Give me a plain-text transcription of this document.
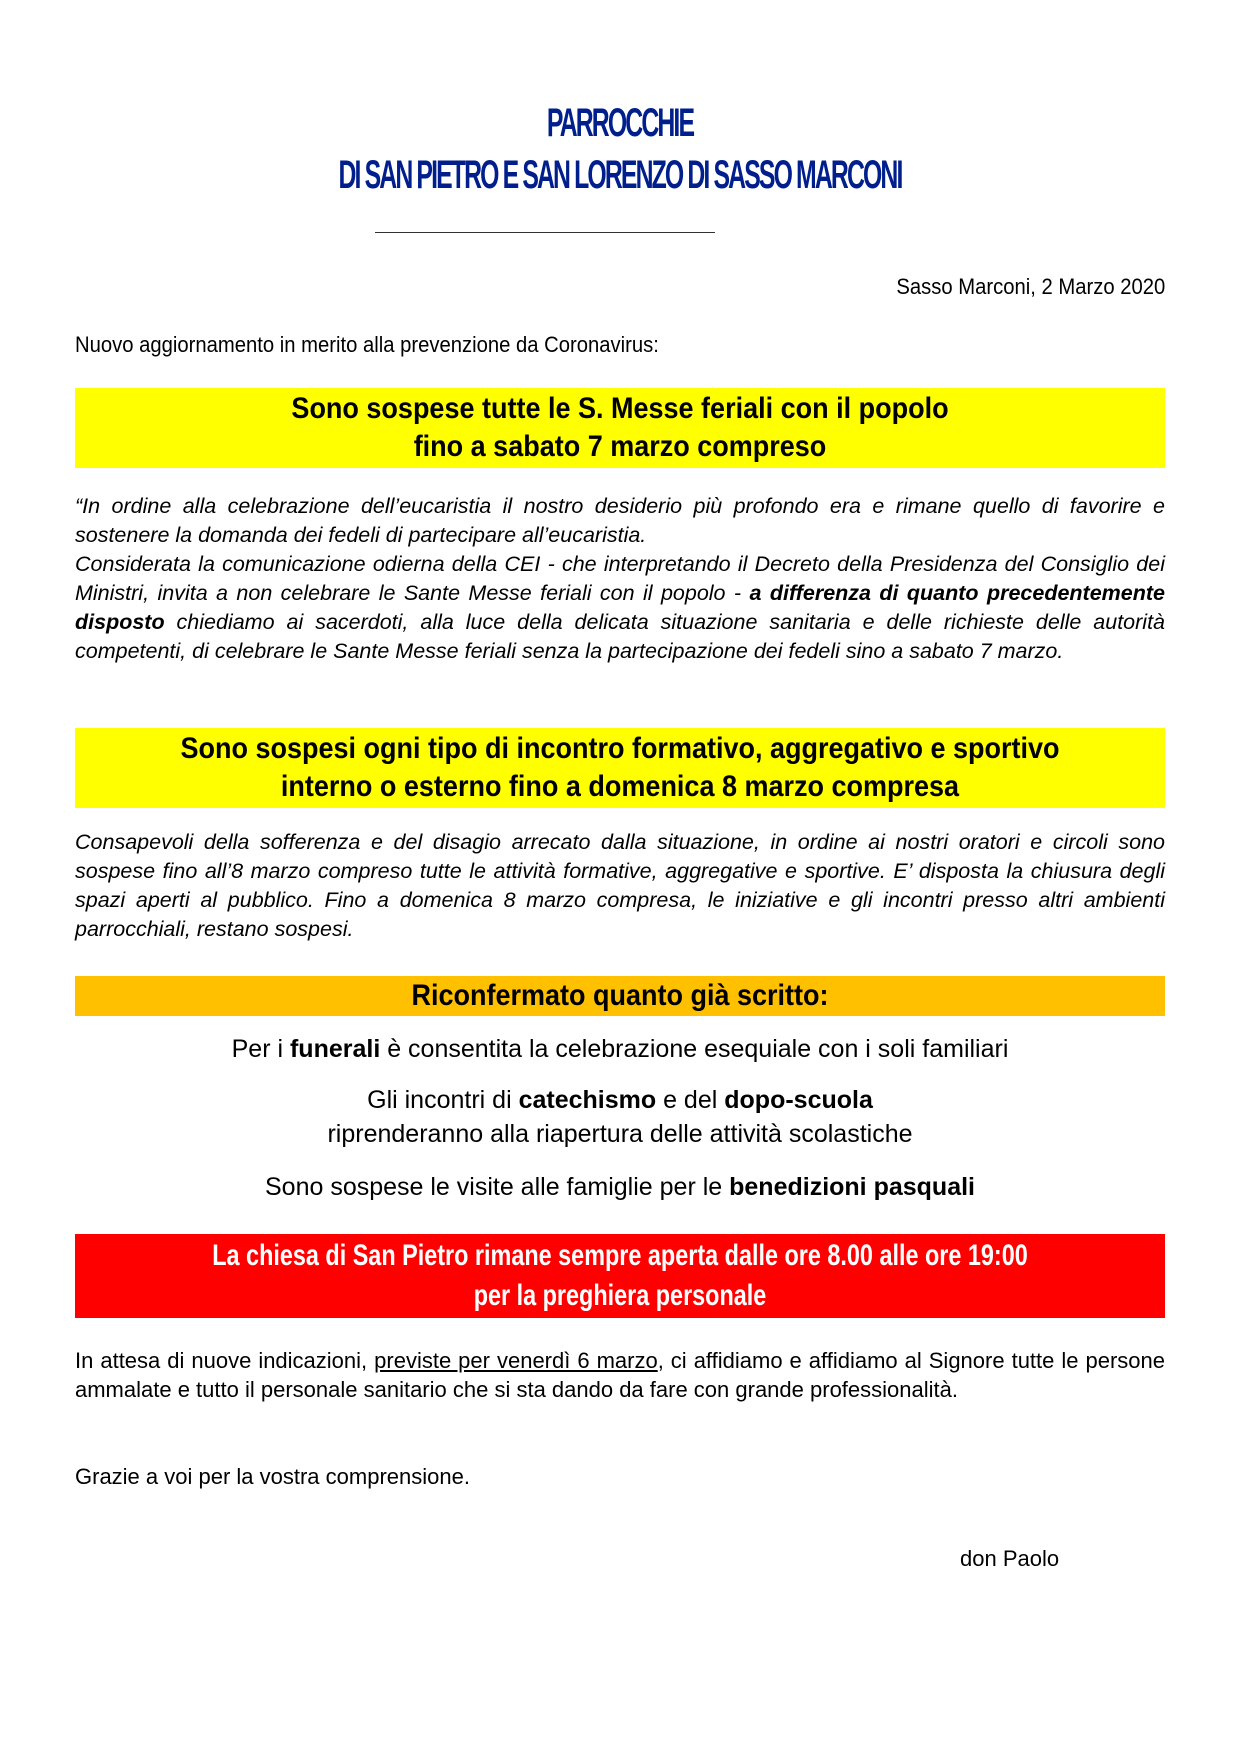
PARROCCHIE
DI SAN PIETRO E SAN LORENZO DI SASSO MARCONI
Sasso Marconi, 2 Marzo 2020
Nuovo aggiornamento in merito alla prevenzione da Coronavirus:
Sono sospese tutte le S. Messe feriali con il popolo
fino a sabato 7 marzo compreso
“In ordine alla celebrazione dell’eucaristia il nostro desiderio più profondo era e rimane quello di favorire e sostenere la domanda dei fedeli di partecipare all’eucaristia.
Considerata la comunicazione odierna della CEI - che interpretando il Decreto della Presidenza del Consiglio dei Ministri, invita a non celebrare le Sante Messe feriali con il popolo - a differenza di quanto precedentemente disposto chiediamo ai sacerdoti, alla luce della delicata situazione sanitaria e delle richieste delle autorità competenti, di celebrare le Sante Messe feriali senza la partecipazione dei fedeli sino a sabato 7 marzo.
Sono sospesi ogni tipo di incontro formativo, aggregativo e sportivo
interno o esterno fino a domenica 8 marzo compresa
Consapevoli della sofferenza e del disagio arrecato dalla situazione, in ordine ai nostri oratori e circoli sono sospese fino all’8 marzo compreso tutte le attività formative, aggregative e sportive. E’ disposta la chiusura degli spazi aperti al pubblico. Fino a domenica 8 marzo compresa, le iniziative e gli incontri presso altri ambienti parrocchiali, restano sospesi.
Riconfermato quanto già scritto:
Per i funerali è consentita la celebrazione esequiale con i soli familiari
Gli incontri di catechismo e del dopo-scuola
riprenderanno alla riapertura delle attività scolastiche
Sono sospese le visite alle famiglie per le benedizioni pasquali
La chiesa di San Pietro rimane sempre aperta dalle ore 8.00 alle ore 19:00
per la preghiera personale
In attesa di nuove indicazioni, previste per venerdì 6 marzo, ci affidiamo e affidiamo al Signore tutte le persone ammalate e tutto il personale sanitario che si sta dando da fare con grande professionalità.
Grazie a voi per la vostra comprensione.
don Paolo
